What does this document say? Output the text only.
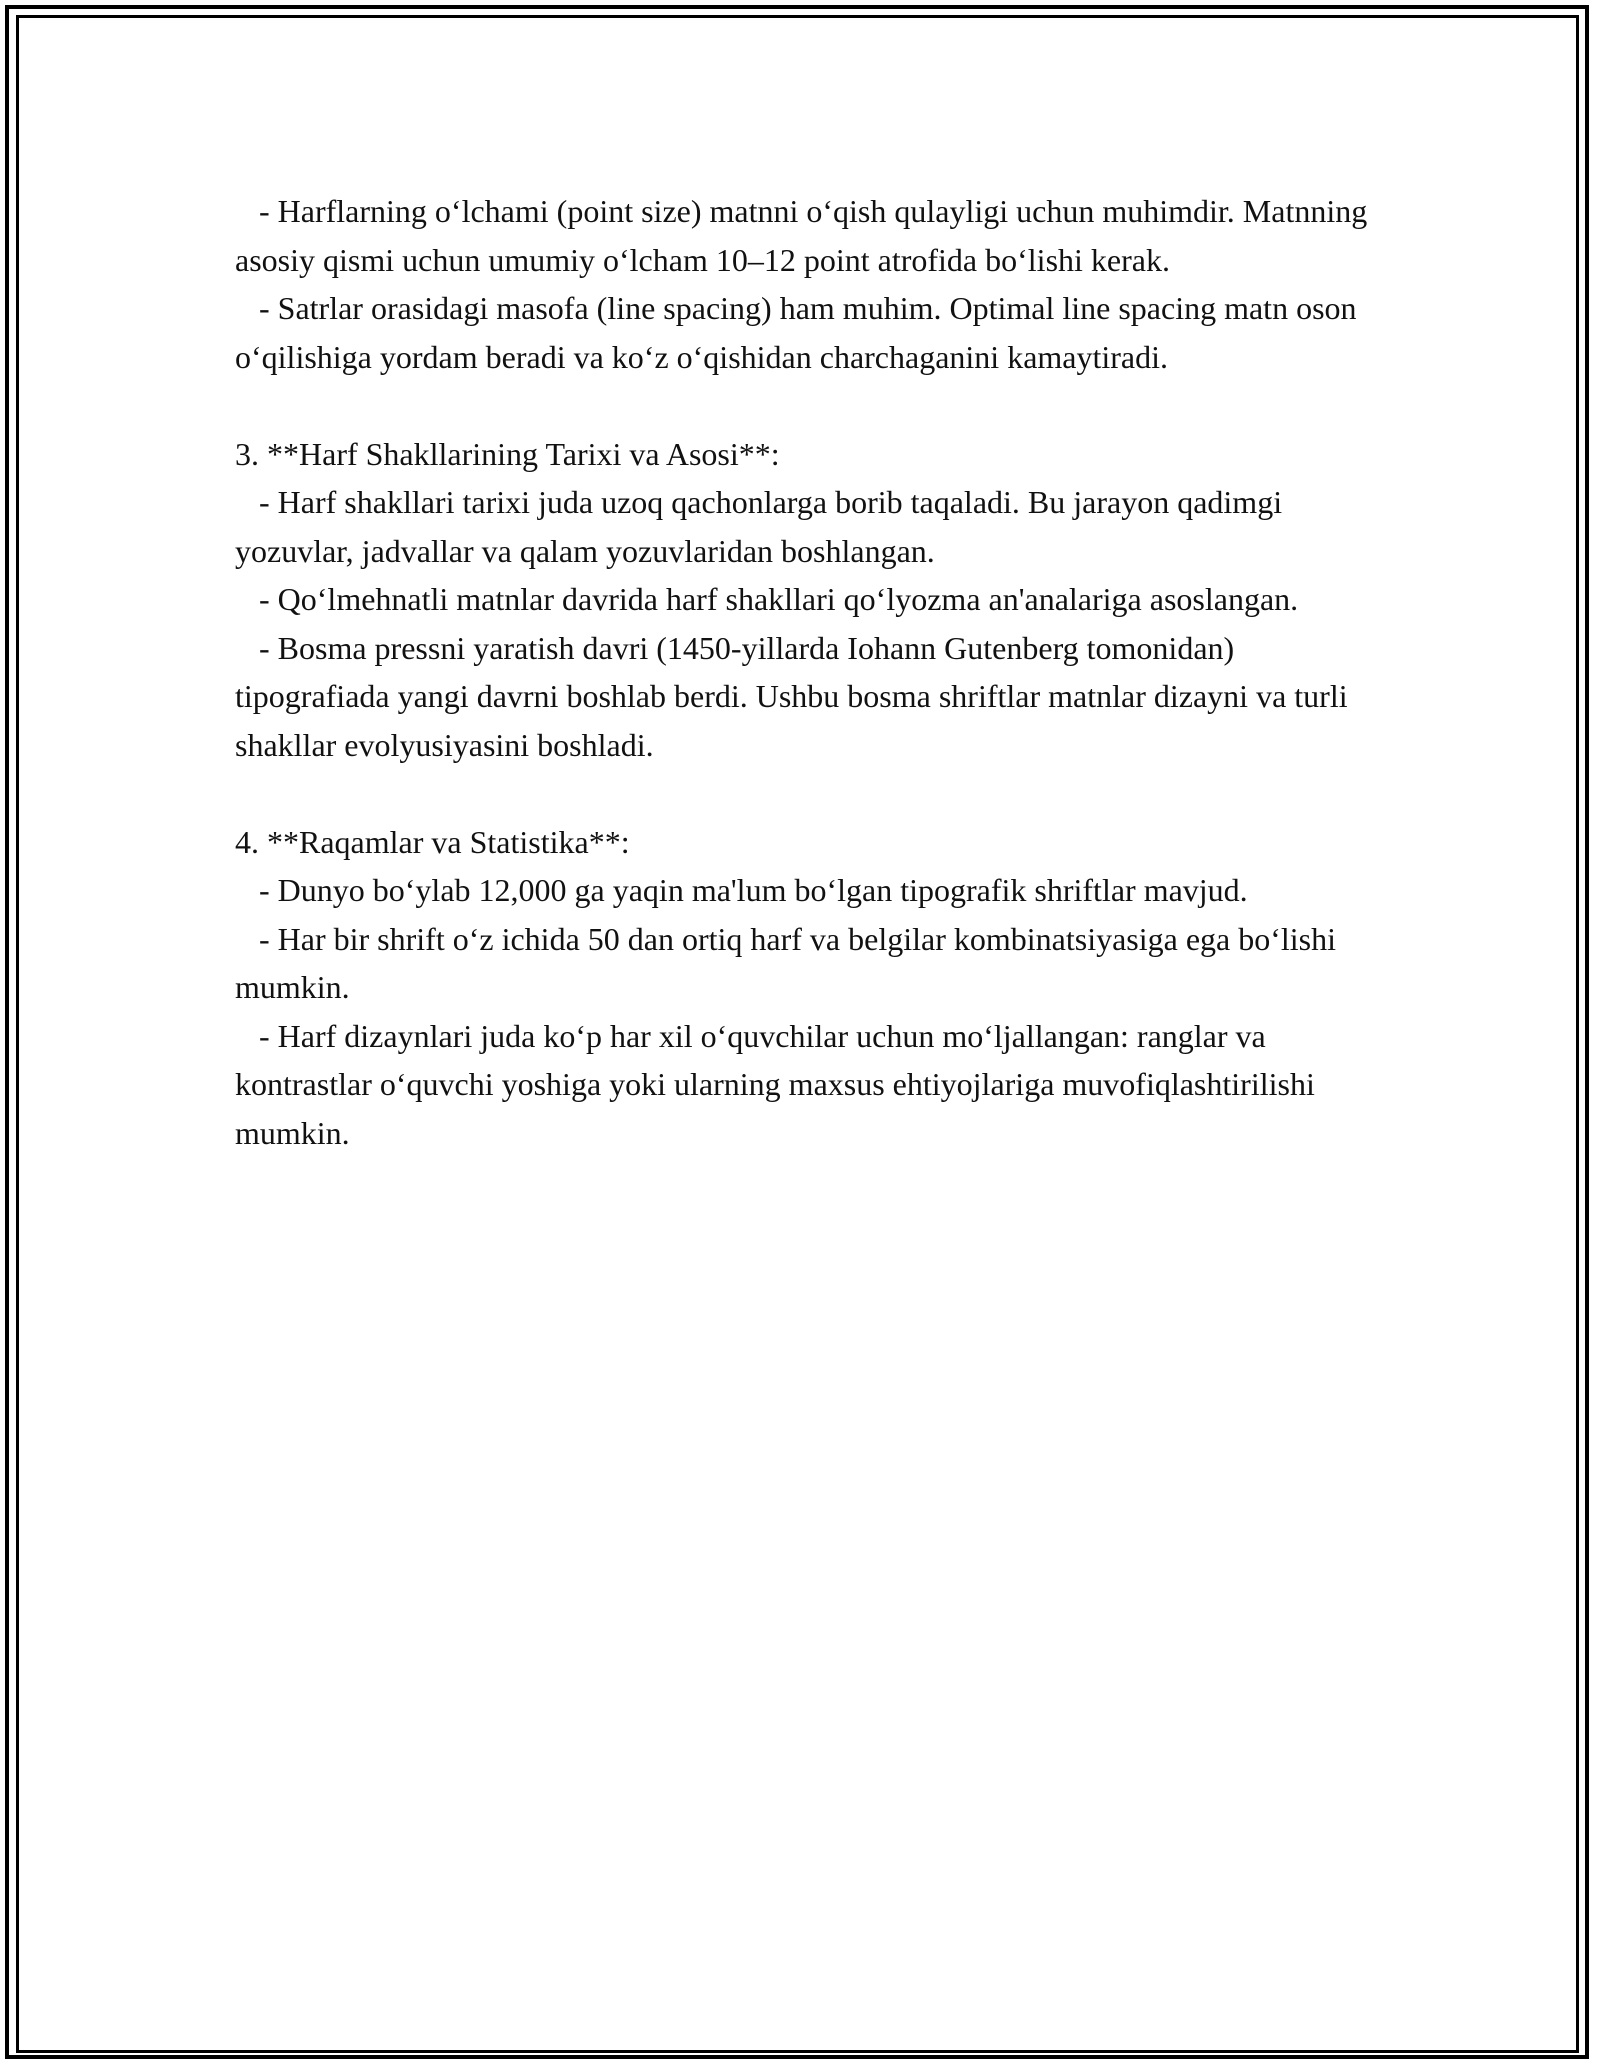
- Harflarning o‘lchami (point size) matnni o‘qish qulayligi uchun muhimdir. Matnning asosiy qismi uchun umumiy o‘lcham 10–12 point atrofida bo‘lishi kerak.

- Satrlar orasidagi masofa (line spacing) ham muhim. Optimal line spacing matn oson o‘qilishiga yordam beradi va ko‘z o‘qishidan charchaganini kamaytiradi.

3. **Harf Shakllarining Tarixi va Asosi**:

- Harf shakllari tarixi juda uzoq qachonlarga borib taqaladi. Bu jarayon qadimgi yozuvlar, jadvallar va qalam yozuvlaridan boshlangan.

- Qo‘lmehnatli matnlar davrida harf shakllari qo‘lyozma an'analariga asoslangan.

- Bosma pressni yaratish davri (1450-yillarda Iohann Gutenberg tomonidan) tipografiada yangi davrni boshlab berdi. Ushbu bosma shriftlar matnlar dizayni va turli shakllar evolyusiyasini boshladi.

4. **Raqamlar va Statistika**:

- Dunyo bo‘ylab 12,000 ga yaqin ma'lum bo‘lgan tipografik shriftlar mavjud.

- Har bir shrift o‘z ichida 50 dan ortiq harf va belgilar kombinatsiyasiga ega bo‘lishi mumkin.

- Harf dizaynlari juda ko‘p har xil o‘quvchilar uchun mo‘ljallangan: ranglar va kontrastlar o‘quvchi yoshiga yoki ularning maxsus ehtiyojlariga muvofiqlashtirilishi mumkin.
